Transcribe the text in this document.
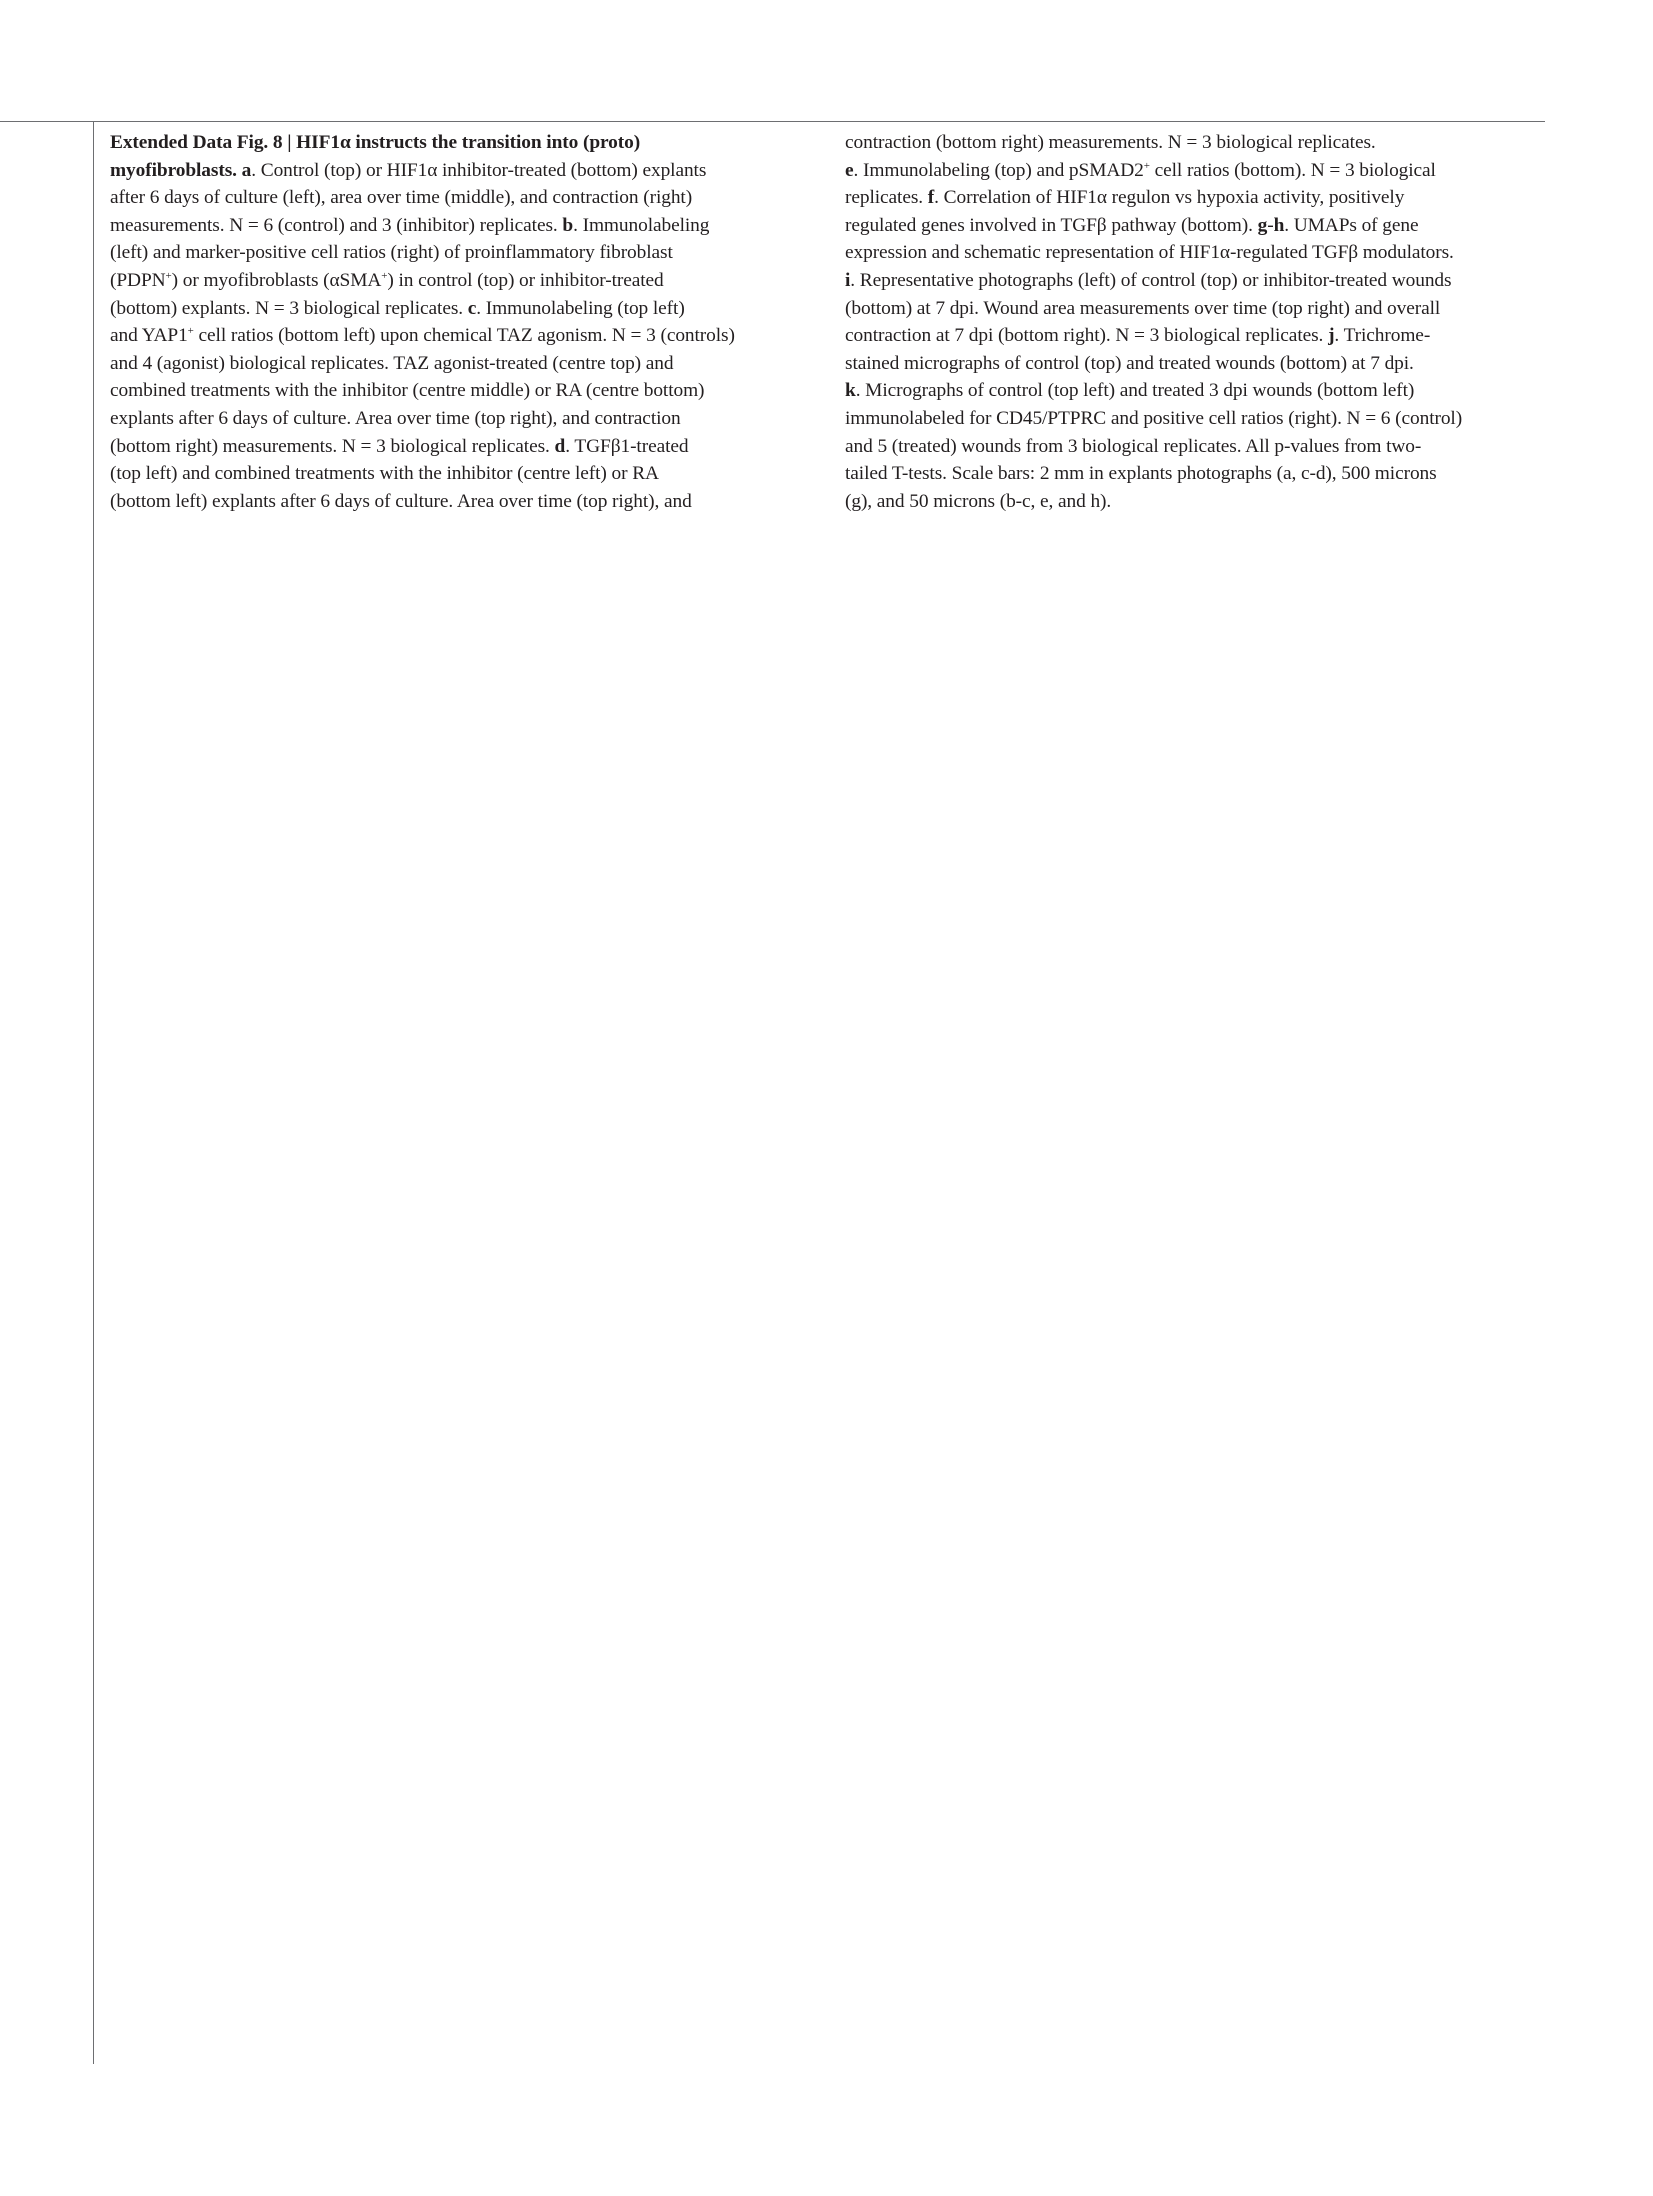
Extended Data Fig. 8 | HIF1α instructs the transition into (proto)
myofibroblasts. a. Control (top) or HIF1α inhibitor-treated (bottom) explants
after 6 days of culture (left), area over time (middle), and contraction (right)
measurements. N = 6 (control) and 3 (inhibitor) replicates. b. Immunolabeling
(left) and marker-positive cell ratios (right) of proinflammatory fibroblast
(PDPN+) or myofibroblasts (αSMA+) in control (top) or inhibitor-treated
(bottom) explants. N = 3 biological replicates. c. Immunolabeling (top left)
and YAP1+ cell ratios (bottom left) upon chemical TAZ agonism. N = 3 (controls)
and 4 (agonist) biological replicates. TAZ agonist-treated (centre top) and
combined treatments with the inhibitor (centre middle) or RA (centre bottom)
explants after 6 days of culture. Area over time (top right), and contraction
(bottom right) measurements. N = 3 biological replicates. d. TGFβ1-treated
(top left) and combined treatments with the inhibitor (centre left) or RA
(bottom left) explants after 6 days of culture. Area over time (top right), and
contraction (bottom right) measurements. N = 3 biological replicates.
e. Immunolabeling (top) and pSMAD2+ cell ratios (bottom). N = 3 biological
replicates. f. Correlation of HIF1α regulon vs hypoxia activity, positively
regulated genes involved in TGFβ pathway (bottom). g-h. UMAPs of gene
expression and schematic representation of HIF1α-regulated TGFβ modulators.
i. Representative photographs (left) of control (top) or inhibitor-treated wounds
(bottom) at 7 dpi. Wound area measurements over time (top right) and overall
contraction at 7 dpi (bottom right). N = 3 biological replicates. j. Trichrome-
stained micrographs of control (top) and treated wounds (bottom) at 7 dpi.
k. Micrographs of control (top left) and treated 3 dpi wounds (bottom left)
immunolabeled for CD45/PTPRC and positive cell ratios (right). N = 6 (control)
and 5 (treated) wounds from 3 biological replicates. All p-values from two-
tailed T-tests. Scale bars: 2 mm in explants photographs (a, c-d), 500 microns
(g), and 50 microns (b-c, e, and h).
